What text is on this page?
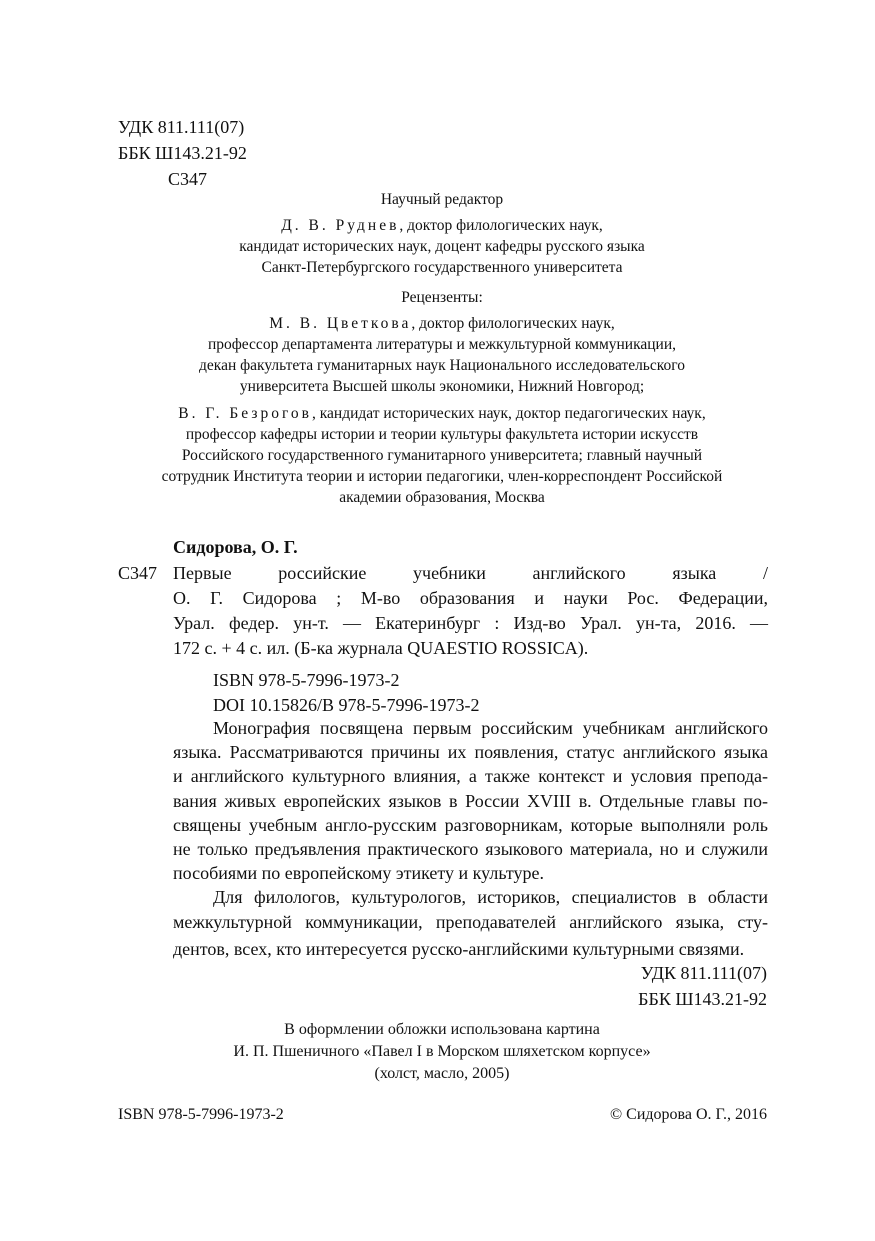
УДК 811.111(07)
ББК Ш143.21-92
С347

Научный редактор

Д. В. Руднев, доктор филологических наук,

кандидат исторических наук, доцент кафедры русского языка

Санкт-Петербургского государственного университета

Рецензенты:

М. В. Цветкова, доктор филологических наук,

профессор департамента литературы и межкультурной коммуникации,

декан факультета гуманитарных наук Национального исследовательского

университета Высшей школы экономики, Нижний Новгород;

В. Г. Безрогов, кандидат исторических наук, доктор педагогических наук,

профессор кафедры истории и теории культуры факультета истории искусств

Российского государственного гуманитарного университета; главный научный

сотрудник Института теории и истории педагогики, член-корреспондент Российской

академии образования, Москва

Сидорова, О. Г.
С347 Первые российские учебники английского языка /
О. Г. Сидорова ; М-во образования и науки Рос. Федерации,
Урал. федер. ун-т. — Екатеринбург : Изд-во Урал. ун-та, 2016. —
172 с. + 4 с. ил. (Б-ка журнала QUAESTIO ROSSICA).
ISBN 978-5-7996-1973-2
DOI 10.15826/B 978-5-7996-1973-2
Монография посвящена первым российским учебникам английского
языка. Рассматриваются причины их появления, статус английского языка
и английского культурного влияния, а также контекст и условия препода-
вания живых европейских языков в России XVIII в. Отдельные главы по-
священы учебным англо-русским разговорникам, которые выполняли роль
не только предъявления практического языкового материала, но и служили
пособиями по европейскому этикету и культуре.
Для филологов, культурологов, историков, специалистов в области
межкультурной коммуникации, преподавателей английского языка, сту-
дентов, всех, кто интересуется русско-английскими культурными связями.
УДК 811.111(07)
ББК Ш143.21-92

В оформлении обложки использована картина

И. П. Пшеничного «Павел I в Морском шляхетском корпусе»

(холст, масло, 2005)

ISBN 978-5-7996-1973-2	© Сидорова О. Г., 2016
